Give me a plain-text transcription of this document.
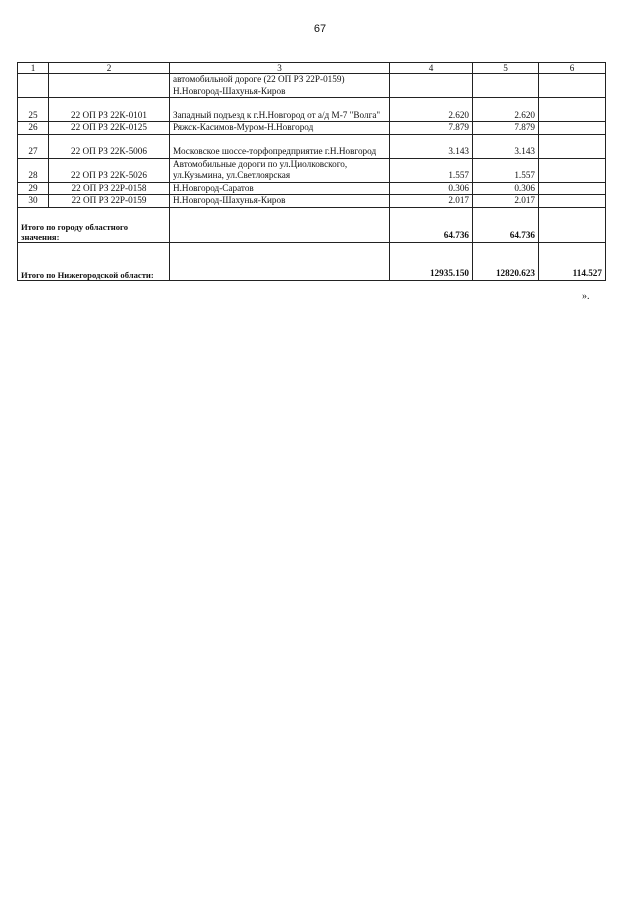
67
1	2	3	4	5	6
		автомобильной дороге (22 ОП РЗ 22Р-0159) Н.Новгород-Шахунья-Киров			
25	22 ОП РЗ 22К-0101	Западный подъезд к г.Н.Новгород от а/д М-7 "Волга"	2.620	2.620	
26	22 ОП РЗ 22К-0125	Ряжск-Касимов-Муром-Н.Новгород	7.879	7.879	
27	22 ОП РЗ 22К-5006	Московское шоссе-торфопредприятие г.Н.Новгород	3.143	3.143	
28	22 ОП РЗ 22К-5026	Автомобильные дороги по ул.Циолковского, ул.Кузьмина, ул.Светлоярская	1.557	1.557	
29	22 ОП РЗ 22Р-0158	Н.Новгород-Саратов	0.306	0.306	
30	22 ОП РЗ 22Р-0159	Н.Новгород-Шахунья-Киров	2.017	2.017	
Итого по городу областного значения:			64.736	64.736	
Итого по Нижегородской области:			12935.150	12820.623	114.527
».
